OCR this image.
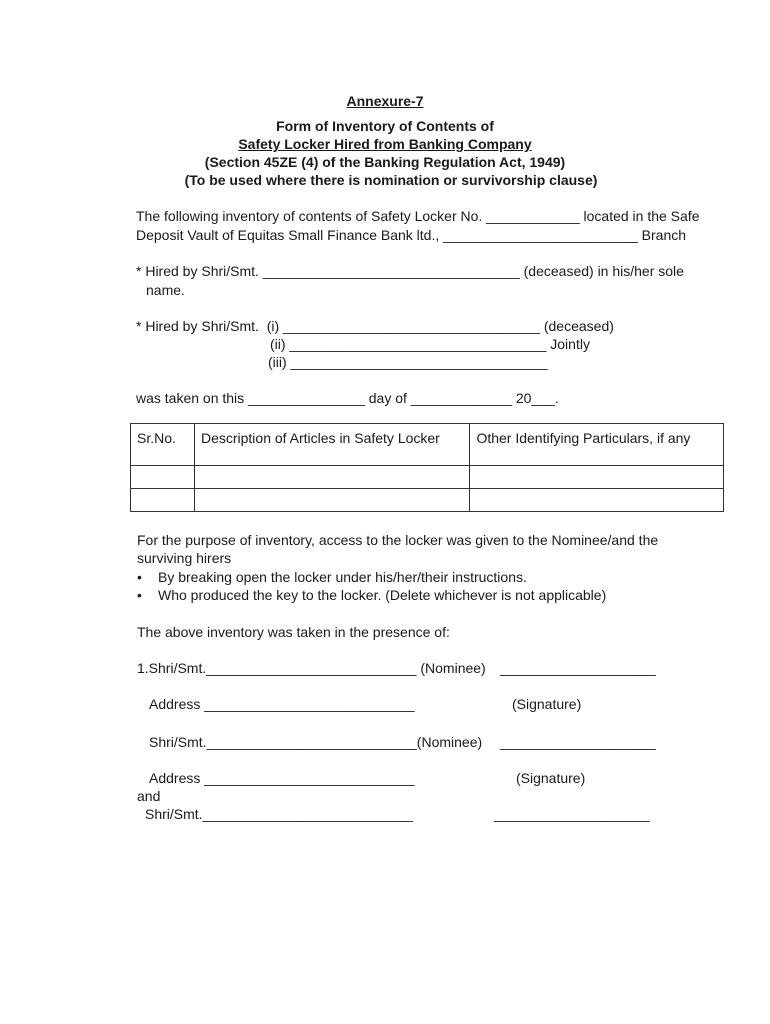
Annexure-7
Form of Inventory of Contents of
Safety Locker Hired from Banking Company
(Section 45ZE (4) of the Banking Regulation Act, 1949)
(To be used where there is nomination or survivorship clause)
The following inventory of contents of Safety Locker No. ____________ located in the Safe
Deposit Vault of Equitas Small Finance Bank ltd., _________________________ Branch
* Hired by Shri/Smt. _________________________________ (deceased) in his/her sole
name.
* Hired by Shri/Smt.  (i) _________________________________ (deceased)
(ii) _________________________________ Jointly
(iii) _________________________________
was taken on this _______________ day of _____________ 20___.
Sr.No.	Description of Articles in Safety Locker	Other Identifying Particulars, if any

For the purpose of inventory, access to the locker was given to the Nominee/and the
surviving hirers
• By breaking open the locker under his/her/their instructions.
• Who produced the key to the locker. (Delete whichever is not applicable)
The above inventory was taken in the presence of:
1.Shri/Smt.___________________________ (Nominee) ____________________
Address ___________________________	(Signature)
Shri/Smt.___________________________(Nominee) ____________________
Address ___________________________	(Signature)
and
Shri/Smt.___________________________	____________________
